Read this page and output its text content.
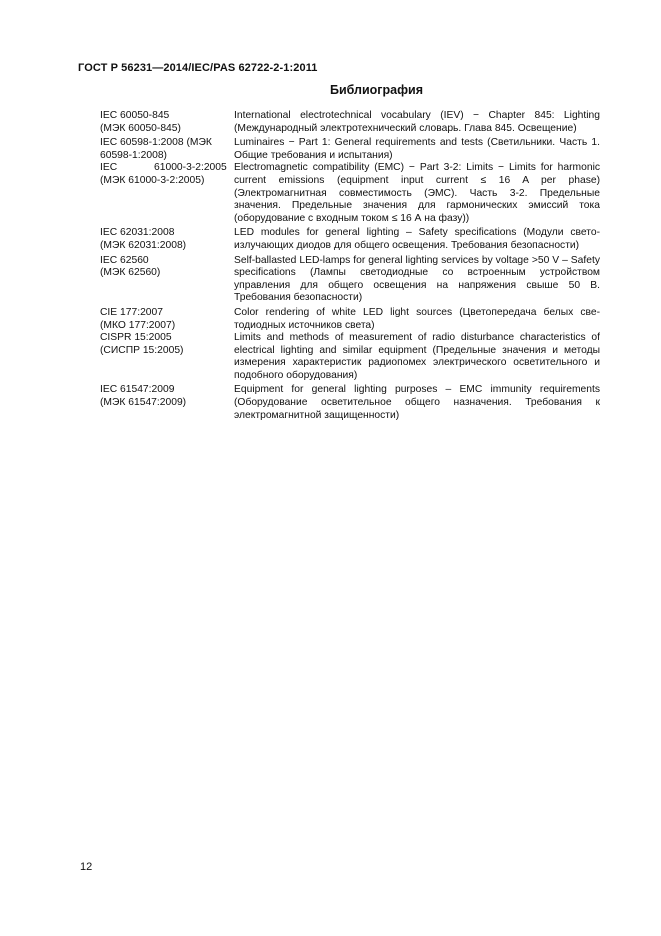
ГОСТ Р 56231—2014/IEC/PAS 62722-2-1:2011
Библиография
IEC 60050-845
(МЭК 60050-845)
International electrotechnical vocabulary (IEV) − Chapter 845: Lighting (Международный электротехнический словарь. Глава 845. Освещение)
IEC 60598-1:2008 (МЭК
60598-1:2008)
Luminaires − Part 1: General requirements and tests (Светильники. Часть 1. Общие требования и испытания)
IEC 61000-3-2:2005
(МЭК 61000-3-2:2005)
Electromagnetic compatibility (EMC) − Part 3-2: Limits − Limits for harmonic current emissions (equipment input current ≤ 16 A per phase) (Электромагнитная совместимость (ЭМС). Часть 3-2. Предельные значения. Предельные значения для гармонических эмиссий тока (оборудование с входным током ≤ 16 А на фазу))
IEC 62031:2008
(МЭК 62031:2008)
LED modules for general lighting – Safety specifications (Модули светоизлучающих диодов для общего освещения. Требования безопасности)
IEC 62560
(МЭК 62560)
Self-ballasted LED-lamps for general lighting services by voltage >50 V – Safety specifications (Лампы светодиодные со встроенным устройством управления для общего освещения на напряжения свыше 50 В. Требования безопасности)
CIE 177:2007
(МКО 177:2007)
Color rendering of white LED light sources (Цветопередача белых светодиодных источников света)
CISPR 15:2005
(СИСПР 15:2005)
Limits and methods of measurement of radio disturbance characteristics of electrical lighting and similar equipment (Предельные значения и методы измерения характеристик радиопомех электрического осветительного и подобного оборудования)
IEC 61547:2009
(МЭК 61547:2009)
Equipment for general lighting purposes – EMC immunity requirements (Оборудование осветительное общего назначения. Требования к электромагнитной защищенности)
12
